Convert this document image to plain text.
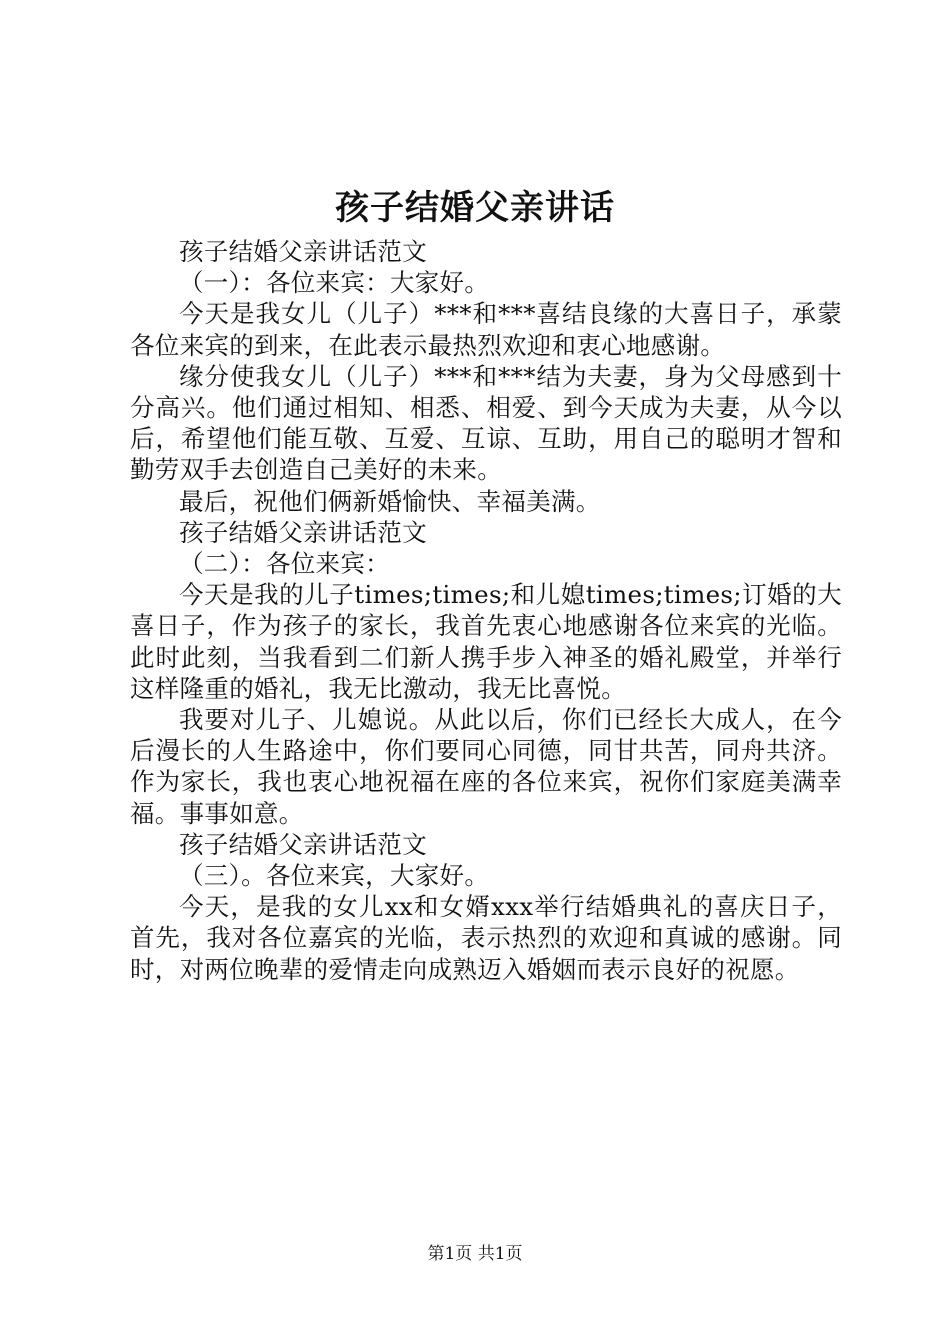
孩子结婚父亲讲话

孩子结婚父亲讲话范文

（一）：各位来宾：大家好。

今天是我女儿（儿子）***和***喜结良缘的大喜日子，承蒙各位来宾的到来，在此表示最热烈欢迎和衷心地感谢。

缘分使我女儿（儿子）***和***结为夫妻，身为父母感到十分高兴。他们通过相知、相悉、相爱、到今天成为夫妻，从今以后，希望他们能互敬、互爱、互谅、互助，用自己的聪明才智和勤劳双手去创造自己美好的未来。

最后，祝他们俩新婚愉快、幸福美满。

孩子结婚父亲讲话范文

（二）：各位来宾：

今天是我的儿子times;times;和儿媳times;times;订婚的大喜日子，作为孩子的家长，我首先衷心地感谢各位来宾的光临。此时此刻，当我看到二们新人携手步入神圣的婚礼殿堂，并举行这样隆重的婚礼，我无比激动，我无比喜悦。

我要对儿子、儿媳说。从此以后，你们已经长大成人，在今后漫长的人生路途中，你们要同心同德，同甘共苦，同舟共济。作为家长，我也衷心地祝福在座的各位来宾，祝你们家庭美满幸福。事事如意。

孩子结婚父亲讲话范文

（三）。各位来宾，大家好。

今天，是我的女儿xx和女婿xxx举行结婚典礼的喜庆日子，首先，我对各位嘉宾的光临，表示热烈的欢迎和真诚的感谢。同时，对两位晚辈的爱情走向成熟迈入婚姻而表示良好的祝愿。

第1页 共1页
